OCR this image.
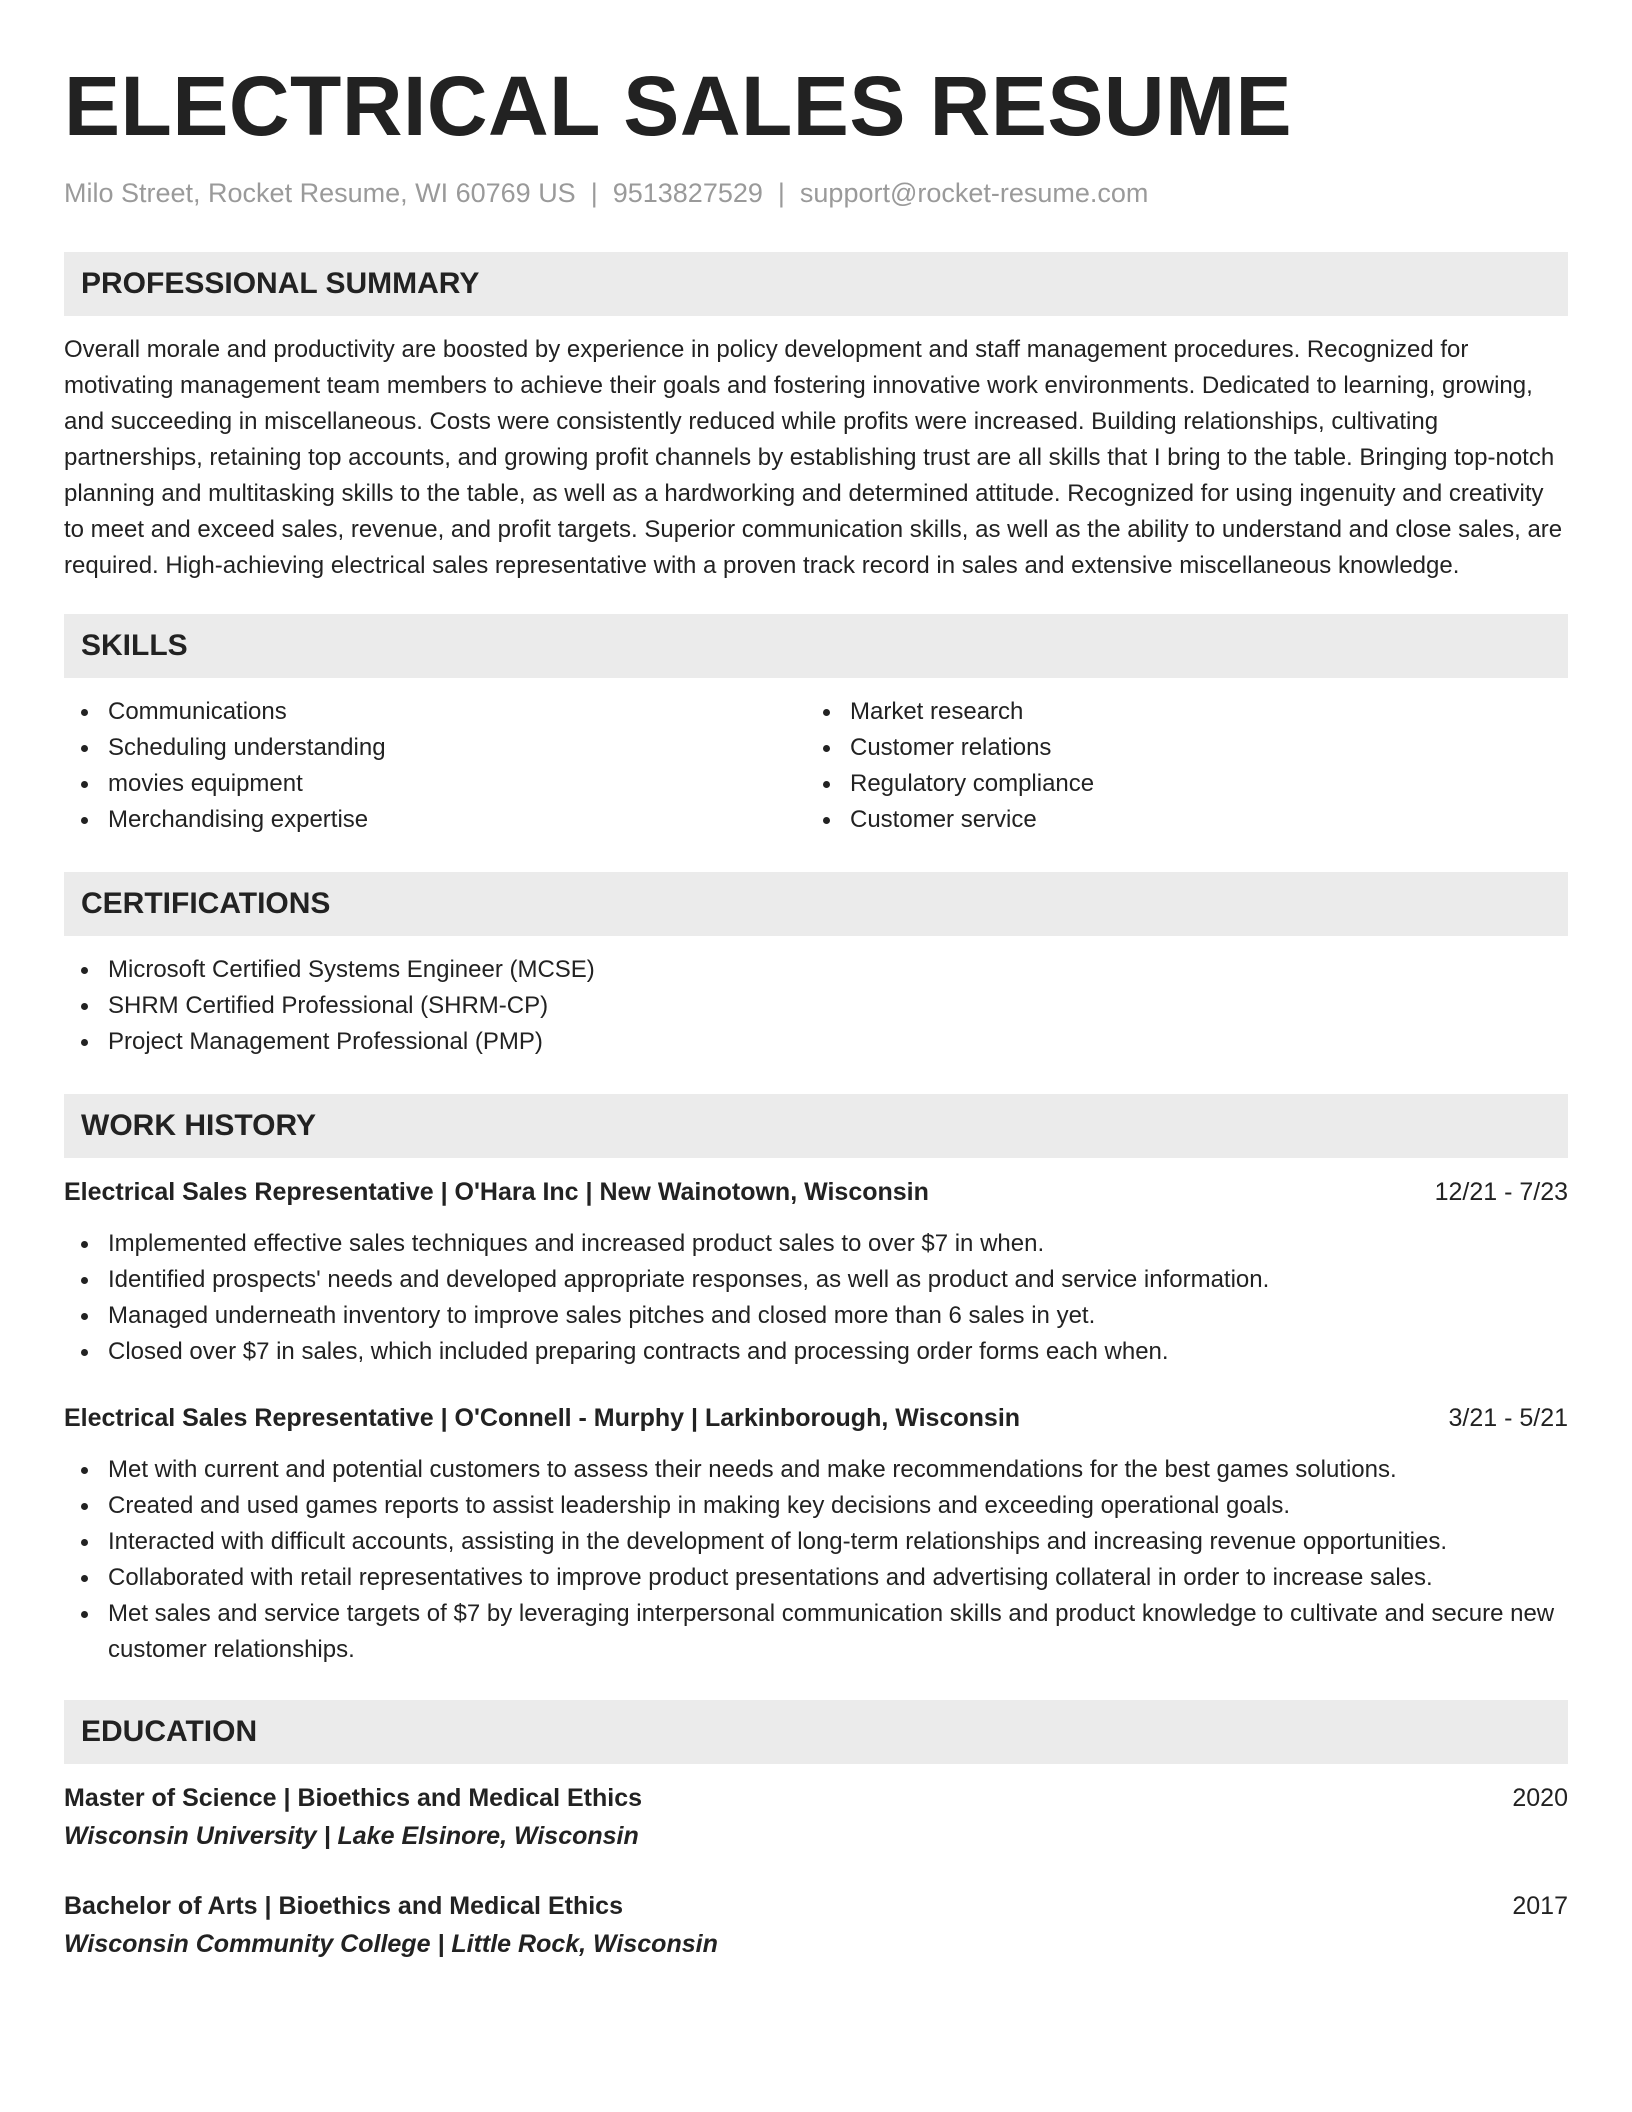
ELECTRICAL SALES RESUME
Milo Street, Rocket Resume, WI 60769 US | 9513827529 | support@rocket-resume.com
PROFESSIONAL SUMMARY

Overall morale and productivity are boosted by experience in policy development and staff management procedures. Recognized for motivating management team members to achieve their goals and fostering innovative work environments. Dedicated to learning, growing, and succeeding in miscellaneous. Costs were consistently reduced while profits were increased. Building relationships, cultivating partnerships, retaining top accounts, and growing profit channels by establishing trust are all skills that I bring to the table. Bringing top-notch planning and multitasking skills to the table, as well as a hardworking and determined attitude. Recognized for using ingenuity and creativity to meet and exceed sales, revenue, and profit targets. Superior communication skills, as well as the ability to understand and close sales, are required. High-achieving electrical sales representative with a proven track record in sales and extensive miscellaneous knowledge.

SKILLS
Communications
Scheduling understanding
movies equipment
Merchandising expertise
Market research
Customer relations
Regulatory compliance
Customer service
CERTIFICATIONS
Microsoft Certified Systems Engineer (MCSE)
SHRM Certified Professional (SHRM-CP)
Project Management Professional (PMP)
WORK HISTORY
Electrical Sales Representative | O'Hara Inc | New Wainotown, Wisconsin	12/21 - 7/23
Implemented effective sales techniques and increased product sales to over $7 in when.
Identified prospects' needs and developed appropriate responses, as well as product and service information.
Managed underneath inventory to improve sales pitches and closed more than 6 sales in yet.
Closed over $7 in sales, which included preparing contracts and processing order forms each when.
Electrical Sales Representative | O'Connell - Murphy | Larkinborough, Wisconsin	3/21 - 5/21
Met with current and potential customers to assess their needs and make recommendations for the best games solutions.
Created and used games reports to assist leadership in making key decisions and exceeding operational goals.
Interacted with difficult accounts, assisting in the development of long-term relationships and increasing revenue opportunities.
Collaborated with retail representatives to improve product presentations and advertising collateral in order to increase sales.
Met sales and service targets of $7 by leveraging interpersonal communication skills and product knowledge to cultivate and secure new customer relationships.
EDUCATION
Master of Science | Bioethics and Medical Ethics	2020
Wisconsin University | Lake Elsinore, Wisconsin
Bachelor of Arts | Bioethics and Medical Ethics	2017
Wisconsin Community College | Little Rock, Wisconsin
